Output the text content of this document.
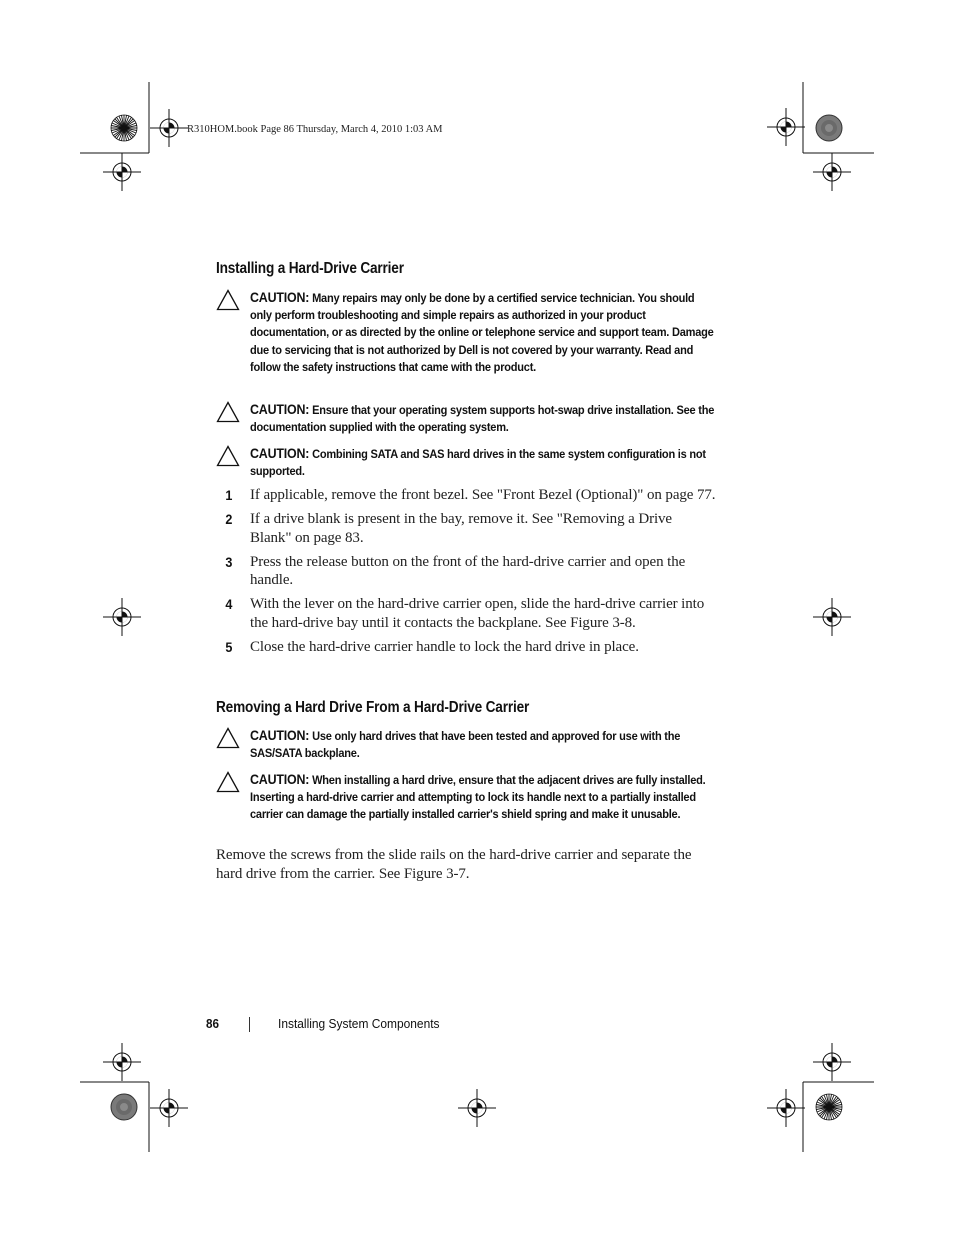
R310HOM.book Page 86 Thursday, March 4, 2010 1:03 AM
Installing a Hard-Drive Carrier
CAUTION: Many repairs may only be done by a certified service technician. You should only perform troubleshooting and simple repairs as authorized in your product documentation, or as directed by the online or telephone service and support team. Damage due to servicing that is not authorized by Dell is not covered by your warranty. Read and follow the safety instructions that came with the product.
CAUTION: Ensure that your operating system supports hot-swap drive installation. See the documentation supplied with the operating system.
CAUTION: Combining SATA and SAS hard drives in the same system configuration is not supported.
1 If applicable, remove the front bezel. See "Front Bezel (Optional)" on page 77.
2 If a drive blank is present in the bay, remove it. See "Removing a Drive Blank" on page 83.
3 Press the release button on the front of the hard-drive carrier and open the handle.
4 With the lever on the hard-drive carrier open, slide the hard-drive carrier into the hard-drive bay until it contacts the backplane. See Figure 3-8.
5 Close the hard-drive carrier handle to lock the hard drive in place.
Removing a Hard Drive From a Hard-Drive Carrier
CAUTION: Use only hard drives that have been tested and approved for use with the SAS/SATA backplane.
CAUTION: When installing a hard drive, ensure that the adjacent drives are fully installed. Inserting a hard-drive carrier and attempting to lock its handle next to a partially installed carrier can damage the partially installed carrier's shield spring and make it unusable.
Remove the screws from the slide rails on the hard-drive carrier and separate the hard drive from the carrier. See Figure 3-7.
86	Installing System Components
